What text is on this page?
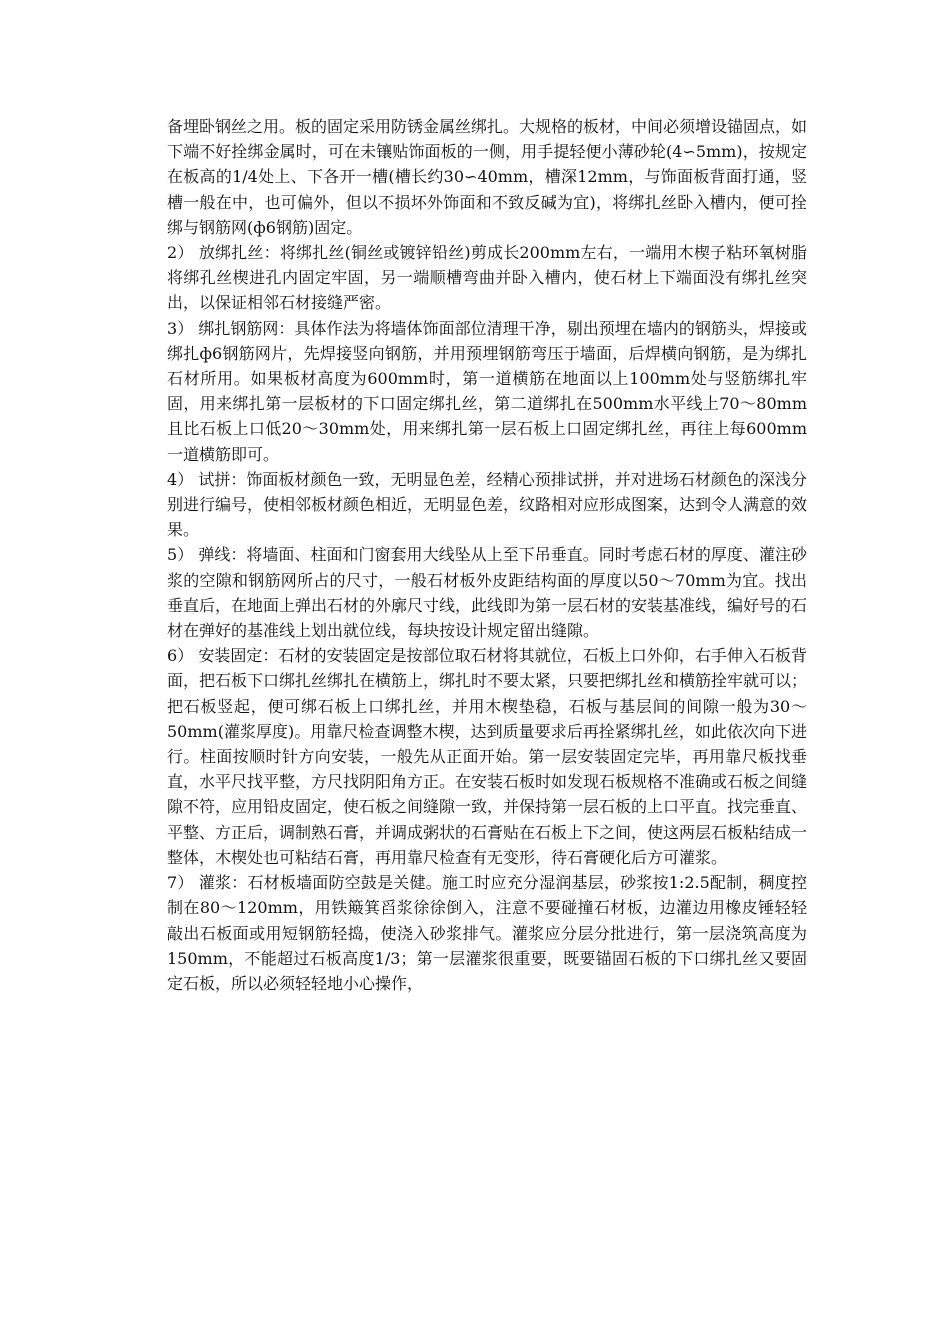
备埋卧钢丝之用。板的固定采用防锈金属丝绑扎。大规格的板材，中间必须增设锚固点，如下端不好拴绑金属时，可在未镶贴饰面板的一侧，用手提轻便小薄砂轮(4∽5mm)，按规定在板高的1/4处上、下各开一槽(槽长约30∽40mm，槽深12mm，与饰面板背面打通，竖槽一般在中，也可偏外，但以不损坏外饰面和不致反碱为宜)，将绑扎丝卧入槽内，便可拴绑与钢筋网(ф6钢筋)固定。

2） 放绑扎丝：将绑扎丝(铜丝或镀锌铅丝)剪成长200mm左右，一端用木楔子粘环氧树脂将绑孔丝楔进孔内固定牢固，另一端顺槽弯曲并卧入槽内，使石材上下端面没有绑扎丝突出，以保证相邻石材接缝严密。

3） 绑扎钢筋网：具体作法为将墙体饰面部位清理干净，剔出预埋在墙内的钢筋头，焊接或绑扎ф6钢筋网片，先焊接竖向钢筋，并用预埋钢筋弯压于墙面，后焊横向钢筋，是为绑扎石材所用。如果板材高度为600mm时，第一道横筋在地面以上100mm处与竖筋绑扎牢固，用来绑扎第一层板材的下口固定绑扎丝，第二道绑扎在500mm水平线上70～80mm且比石板上口低20～30mm处，用来绑扎第一层石板上口固定绑扎丝，再往上每600mm一道横筋即可。

4） 试拼：饰面板材颜色一致，无明显色差，经精心预排试拼，并对进场石材颜色的深浅分别进行编号，使相邻板材颜色相近，无明显色差，纹路相对应形成图案，达到令人满意的效果。

5） 弹线：将墙面、柱面和门窗套用大线坠从上至下吊垂直。同时考虑石材的厚度、灌注砂浆的空隙和钢筋网所占的尺寸，一般石材板外皮距结构面的厚度以50～70mm为宜。找出垂直后，在地面上弹出石材的外廓尺寸线，此线即为第一层石材的安装基准线，编好号的石材在弹好的基准线上划出就位线，每块按设计规定留出缝隙。

6） 安装固定：石材的安装固定是按部位取石材将其就位，石板上口外仰，右手伸入石板背面，把石板下口绑扎丝绑扎在横筋上，绑扎时不要太紧，只要把绑扎丝和横筋拴牢就可以；把石板竖起，便可绑石板上口绑扎丝，并用木楔垫稳，石板与基层间的间隙一般为30～50mm(灌浆厚度)。用靠尺检查调整木楔，达到质量要求后再拴紧绑扎丝，如此依次向下进行。柱面按顺时针方向安装，一般先从正面开始。第一层安装固定完毕，再用靠尺板找垂直，水平尺找平整，方尺找阴阳角方正。在安装石板时如发现石板规格不准确或石板之间缝隙不符，应用铅皮固定，使石板之间缝隙一致，并保持第一层石板的上口平直。找完垂直、平整、方正后，调制熟石膏，并调成粥状的石膏贴在石板上下之间，使这两层石板粘结成一整体，木楔处也可粘结石膏，再用靠尺检查有无变形，待石膏硬化后方可灌浆。

7） 灌浆：石材板墙面防空鼓是关健。施工时应充分湿润基层，砂浆按1:2.5配制，稠度控制在80～120mm，用铁簸箕舀浆徐徐倒入，注意不要碰撞石材板，边灌边用橡皮锤轻轻敲出石板面或用短钢筋轻捣，使浇入砂浆排气。灌浆应分层分批进行，第一层浇筑高度为150mm，不能超过石板高度1/3；第一层灌浆很重要，既要锚固石板的下口绑扎丝又要固定石板，所以必须轻轻地小心操作，
